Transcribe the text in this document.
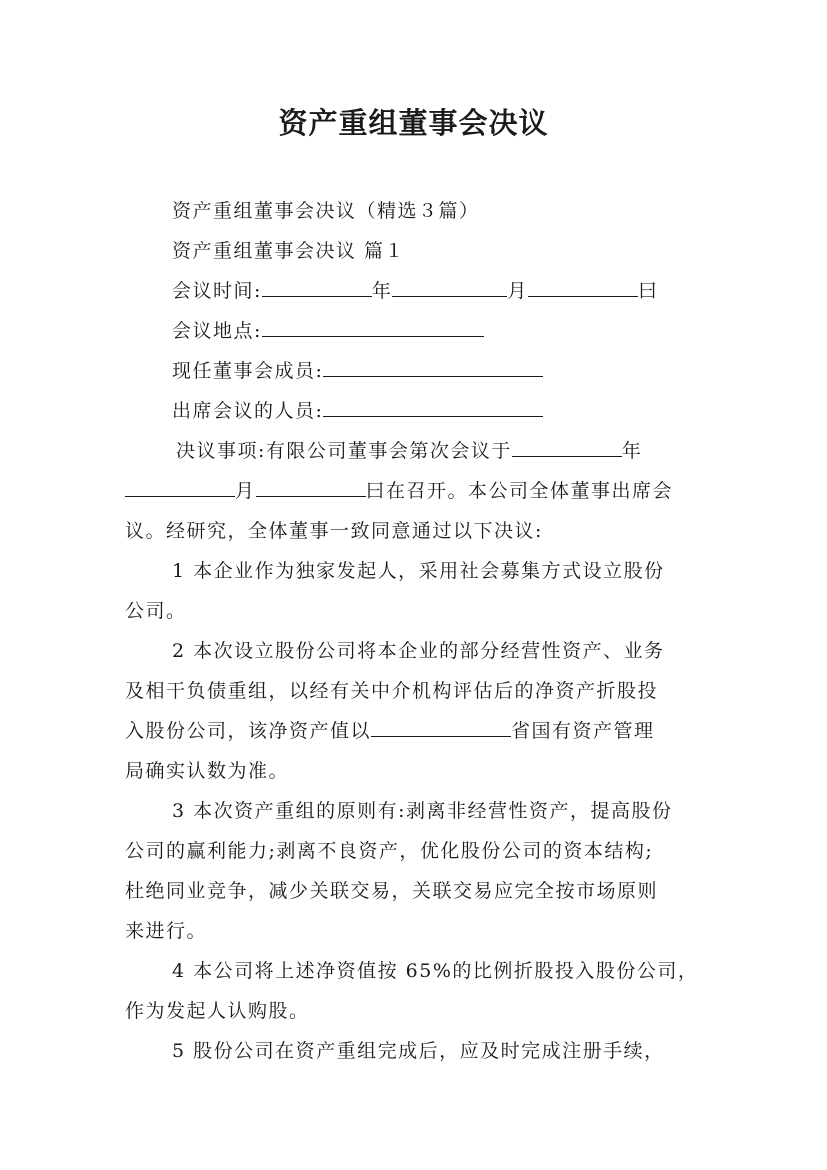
资产重组董事会决议
资产重组董事会决议（精选３篇）
资产重组董事会决议 篇１
会议时间:	年	月	曰
会议地点:
现任董事会成员:
出席会议的人员:
决议事项:有限公司董事会第次会议于	年
月	曰在召开。本公司全体董事出席会
议。经研究，全体董事一致同意通过以下决议:
1 本企业作为独家发起人，采用社会募集方式设立股份
公司。
2 本次设立股份公司将本企业的部分经营性资产、业务
及相干负债重组，以经有关中介机构评估后的净资产折股投
入股份公司，该净资产值以	省国有资产管理
局确实认数为准。
3 本次资产重组的原则有:剥离非经营性资产，提高股份
公司的赢利能力;剥离不良资产，优化股份公司的资本结构;
杜绝同业竞争，减少关联交易，关联交易应完全按市场原则
来进行。
4 本公司将上述净资值按 65%的比例折股投入股份公司，
作为发起人认购股。
5 股份公司在资产重组完成后，应及时完成注册手续，
